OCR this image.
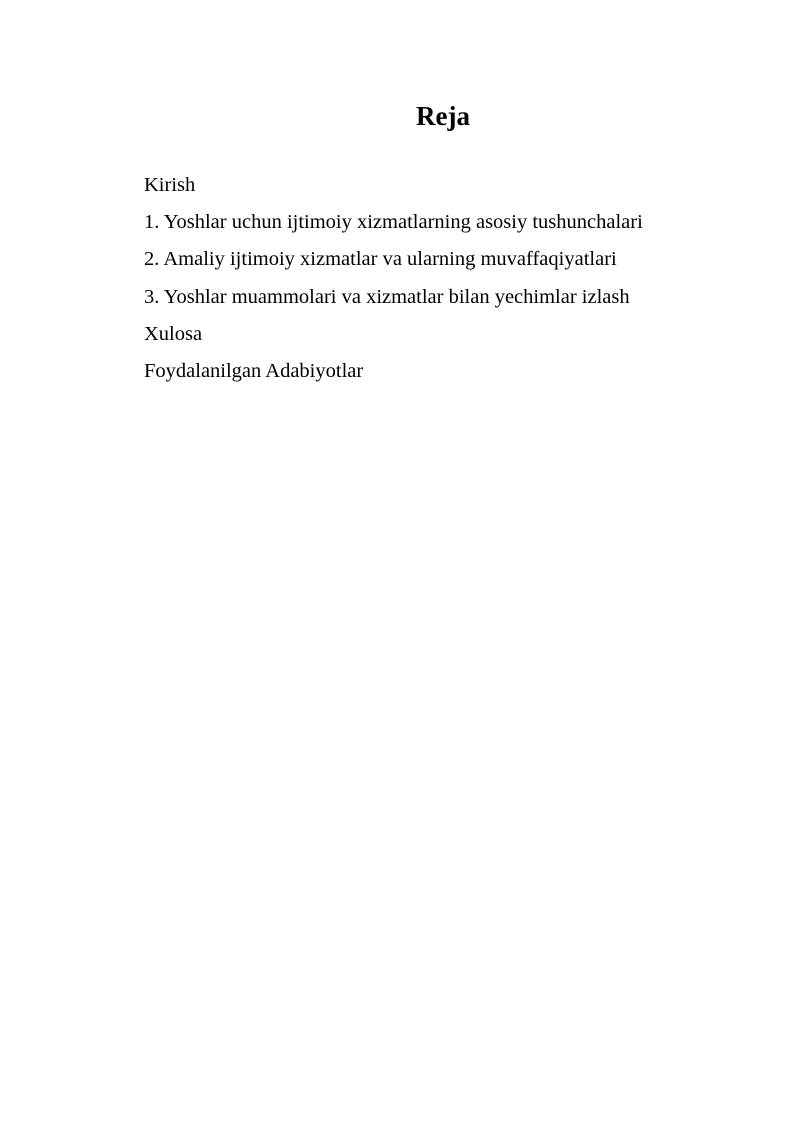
Reja
Kirish
1. Yoshlar uchun ijtimoiy xizmatlarning asosiy tushunchalari
2. Amaliy ijtimoiy xizmatlar va ularning muvaffaqiyatlari
3. Yoshlar muammolari va xizmatlar bilan yechimlar izlash
Xulosa
Foydalanilgan Adabiyotlar
